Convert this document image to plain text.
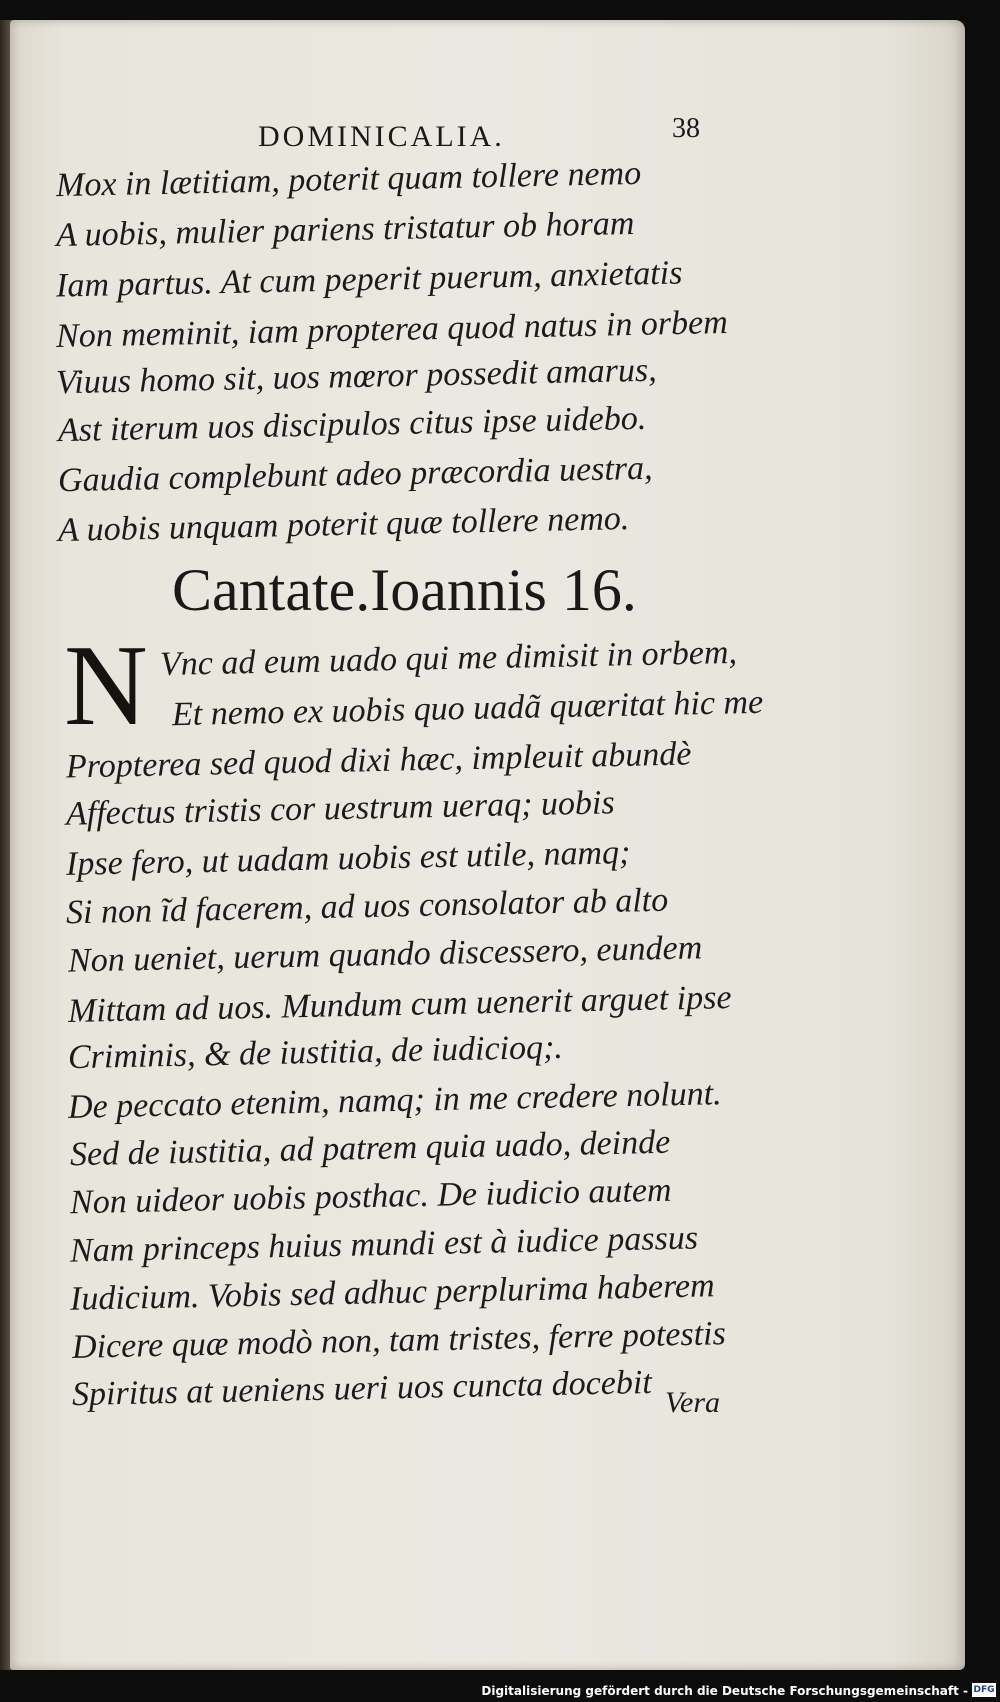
DOMINICALIA.	38
Mox in lætitiam, poterit quam tollere nemo
A uobis, mulier pariens tristatur ob horam
Iam partus. At cum peperit puerum, anxietatis
Non meminit, iam propterea quod natus in orbem
Viuus homo sit, uos mœror possedit amarus,
Ast iterum uos discipulos citus ipse uidebo.
Gaudia complebunt adeo præcordia uestra,
A uobis unquam poterit quæ tollere nemo.
Cantate.Ioannis 16.
N Vnc ad eum uado qui me dimisit in orbem,
Et nemo ex uobis quo uadã quæritat hic me
Propterea sed quod dixi hæc, impleuit abundè
Affectus tristis cor uestrum ueraq; uobis
Ipse fero, ut uadam uobis est utile, namq;
Si non ĩd facerem, ad uos consolator ab alto
Non ueniet, uerum quando discessero, eundem
Mittam ad uos. Mundum cum uenerit arguet ipse
Criminis, & de iustitia, de iudicioq;.
De peccato etenim, namq; in me credere nolunt.
Sed de iustitia, ad patrem quia uado, deinde
Non uideor uobis posthac. De iudicio autem
Nam princeps huius mundi est à iudice passus
Iudicium. Vobis sed adhuc perplurima haberem
Dicere quæ modò non, tam tristes, ferre potestis
Spiritus at ueniens ueri uos cuncta docebit Vera
Digitalisierung gefördert durch die Deutsche Forschungsgemeinschaft - DFG
